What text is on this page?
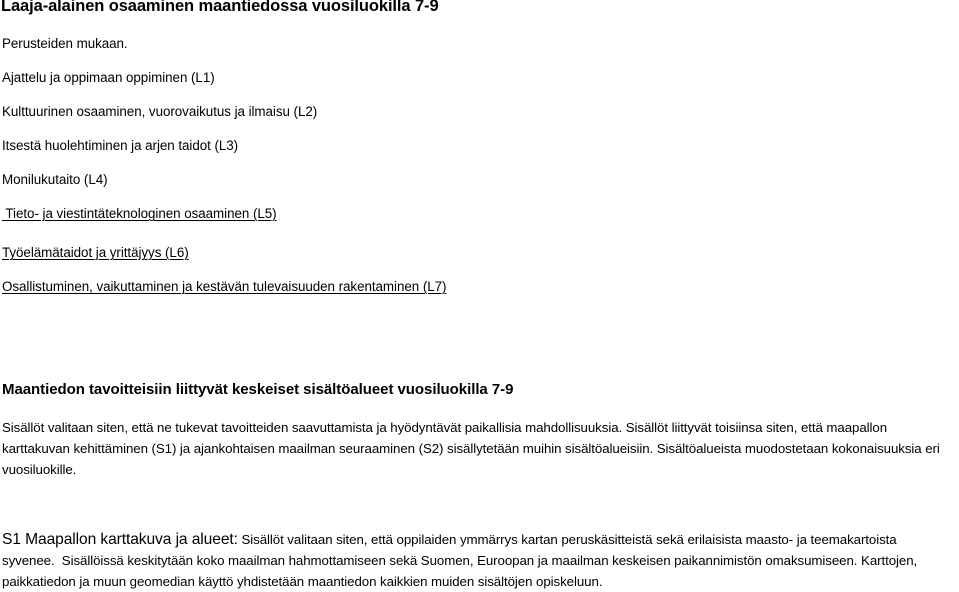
Laaja-alainen osaaminen maantiedossa vuosiluokilla 7-9
Perusteiden mukaan.
Ajattelu ja oppimaan oppiminen (L1)
Kulttuurinen osaaminen, vuorovaikutus ja ilmaisu (L2)
Itsestä huolehtiminen ja arjen taidot (L3)
Monilukutaito (L4)
Tieto- ja viestintäteknologinen osaaminen (L5)
Työelämätaidot ja yrittäjyys (L6)
Osallistuminen, vaikuttaminen ja kestävän tulevaisuuden rakentaminen (L7)
Maantiedon tavoitteisiin liittyvät keskeiset sisältöalueet vuosiluokilla 7-9

Sisällöt valitaan siten, että ne tukevat tavoitteiden saavuttamista ja hyödyntävät paikallisia mahdollisuuksia. Sisällöt liittyvät toisiinsa siten, että maapallon

karttakuvan kehittäminen (S1) ja ajankohtaisen maailman seuraaminen (S2) sisällytetään muihin sisältöalueisiin. Sisältöalueista muodostetaan kokonaisuuksia eri

vuosiluokille.

S1 Maapallon karttakuva ja alueet: Sisällöt valitaan siten, että oppilaiden ymmärrys kartan peruskäsitteistä sekä erilaisista maasto- ja teemakartoista

syvenee.  Sisällöissä keskitytään koko maailman hahmottamiseen sekä Suomen, Euroopan ja maailman keskeisen paikannimistön omaksumiseen. Karttojen,

paikkatiedon ja muun geomedian käyttö yhdistetään maantiedon kaikkien muiden sisältöjen opiskeluun.
